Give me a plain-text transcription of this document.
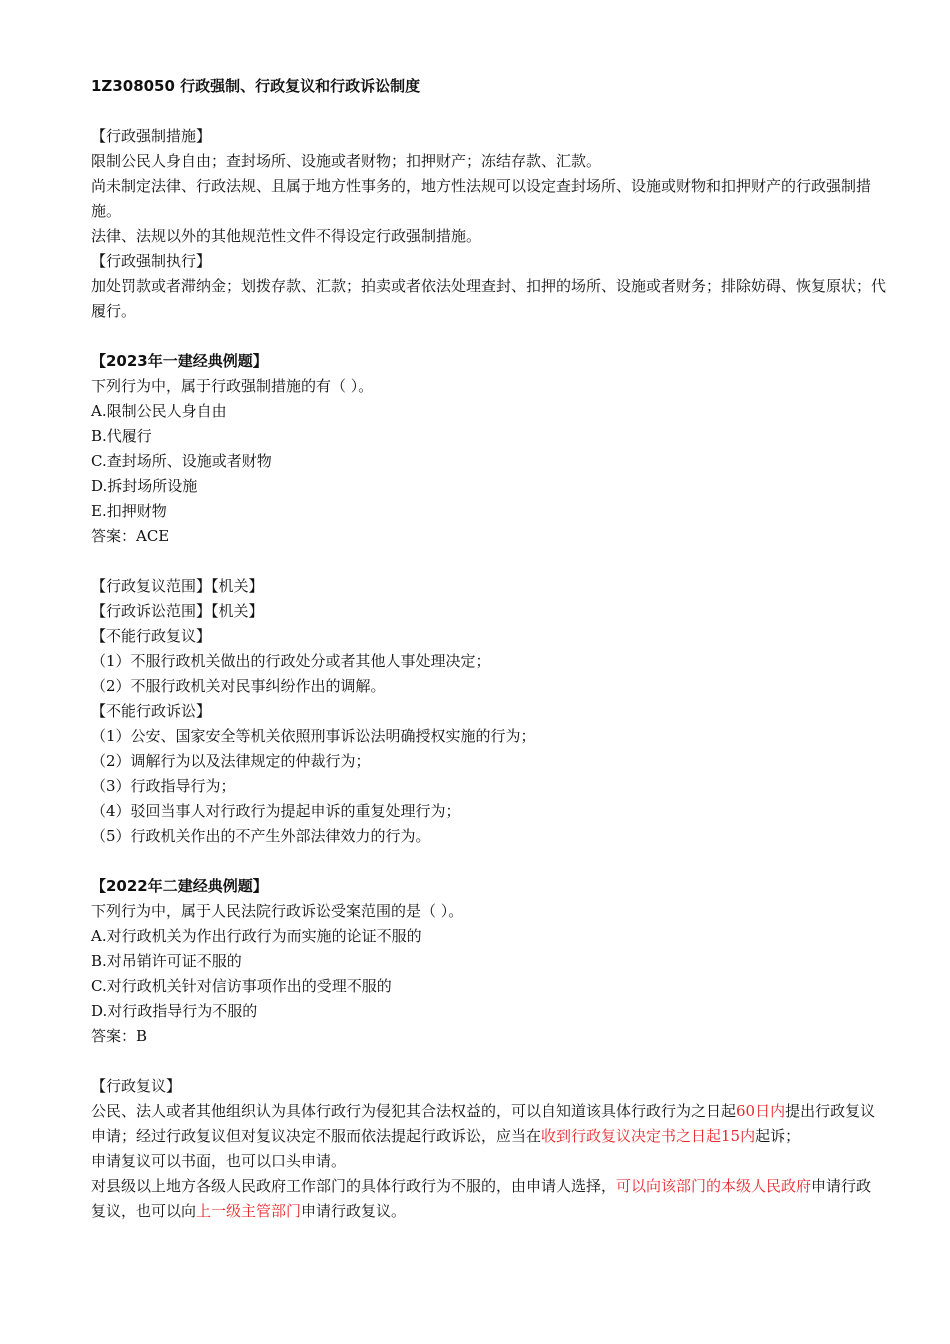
1Z308050 行政强制、行政复议和行政诉讼制度
【行政强制措施】
限制公民人身自由；查封场所、设施或者财物；扣押财产；冻结存款、汇款。
尚未制定法律、行政法规、且属于地方性事务的，地方性法规可以设定查封场所、设施或财物和扣押财产的行政强制措施。
法律、法规以外的其他规范性文件不得设定行政强制措施。
【行政强制执行】
加处罚款或者滞纳金；划拨存款、汇款；拍卖或者依法处理查封、扣押的场所、设施或者财务；排除妨碍、恢复原状；代履行。
【2023年一建经典例题】
下列行为中，属于行政强制措施的有（ ）。
A.限制公民人身自由
B.代履行
C.查封场所、设施或者财物
D.拆封场所设施
E.扣押财物
答案：ACE
【行政复议范围】【机关】
【行政诉讼范围】【机关】
【不能行政复议】
（1）不服行政机关做出的行政处分或者其他人事处理决定；
（2）不服行政机关对民事纠纷作出的调解。
【不能行政诉讼】
（1）公安、国家安全等机关依照刑事诉讼法明确授权实施的行为；
（2）调解行为以及法律规定的仲裁行为；
（3）行政指导行为；
（4）驳回当事人对行政行为提起申诉的重复处理行为；
（5）行政机关作出的不产生外部法律效力的行为。
【2022年二建经典例题】
下列行为中，属于人民法院行政诉讼受案范围的是（ ）。
A.对行政机关为作出行政行为而实施的论证不服的
B.对吊销许可证不服的
C.对行政机关针对信访事项作出的受理不服的
D.对行政指导行为不服的
答案：B
【行政复议】
公民、法人或者其他组织认为具体行政行为侵犯其合法权益的，可以自知道该具体行政行为之日起60日内提出行政复议申请；经过行政复议但对复议决定不服而依法提起行政诉讼，应当在收到行政复议决定书之日起15内起诉；
申请复议可以书面，也可以口头申请。
对县级以上地方各级人民政府工作部门的具体行政行为不服的，由申请人选择，可以向该部门的本级人民政府申请行政复议，也可以向上一级主管部门申请行政复议。
